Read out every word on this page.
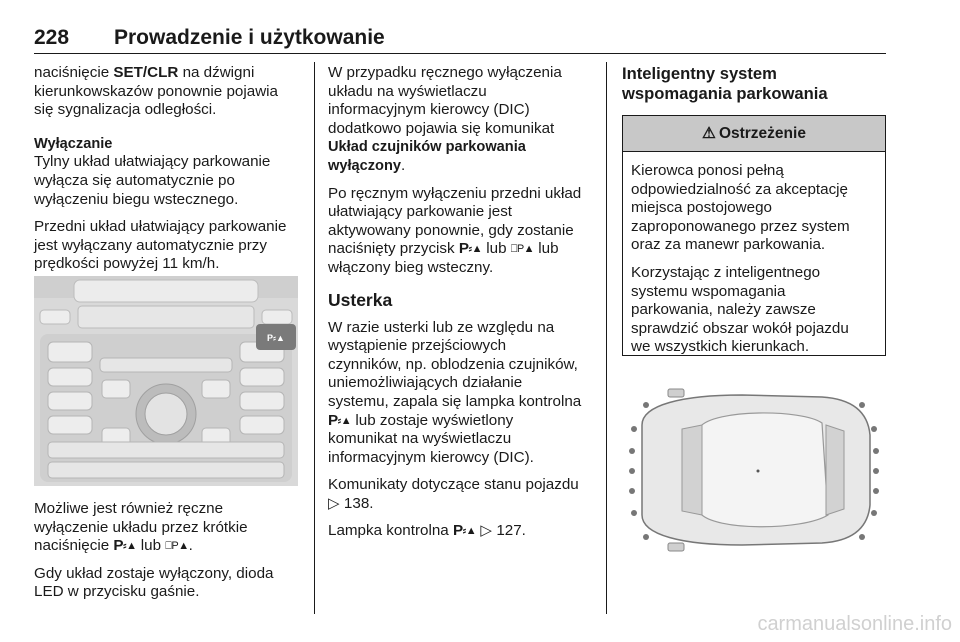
228 Prowadzenie i użytkowanie
naciśnięcie SET/CLR na dźwigni
kierunkowskazów ponownie pojawia
się sygnalizacja odległości.
Wyłączanie
Tylny układ ułatwiający parkowanie
wyłącza się automatycznie po
wyłączeniu biegu wstecznego.
Przedni układ ułatwiający parkowanie
jest wyłączany automatycznie przy
prędkości powyżej 11 km/h.
P⸗▲
Możliwe jest również ręczne
wyłączenie układu przez krótkie
naciśnięcie P⸗▲ lub ⎕P▲.
Gdy układ zostaje wyłączony, dioda
LED w przycisku gaśnie.
W przypadku ręcznego wyłączenia
układu na wyświetlaczu
informacyjnym kierowcy (DIC)
dodatkowo pojawia się komunikat
Układ czujników parkowania
wyłączony.
Po ręcznym wyłączeniu przedni układ
ułatwiający parkowanie jest
aktywowany ponownie, gdy zostanie
naciśnięty przycisk P⸗▲ lub ⎕P▲ lub
włączony bieg wsteczny.
Usterka
W razie usterki lub ze względu na
wystąpienie przejściowych
czynników, np. oblodzenia czujników,
uniemożliwiających działanie
systemu, zapala się lampka kontrolna
P⸗▲ lub zostaje wyświetlony
komunikat na wyświetlaczu
informacyjnym kierowcy (DIC).
Komunikaty dotyczące stanu pojazdu
▷ 138.
Lampka kontrolna P⸗▲ ▷ 127.
Inteligentny system
wspomagania parkowania
⚠ Ostrzeżenie
Kierowca ponosi pełną
odpowiedzialność za akceptację
miejsca postojowego
zaproponowanego przez system
oraz za manewr parkowania.
Korzystając z inteligentnego
systemu wspomagania
parkowania, należy zawsze
sprawdzić obszar wokół pojazdu
we wszystkich kierunkach.
carmanualsonline.info
